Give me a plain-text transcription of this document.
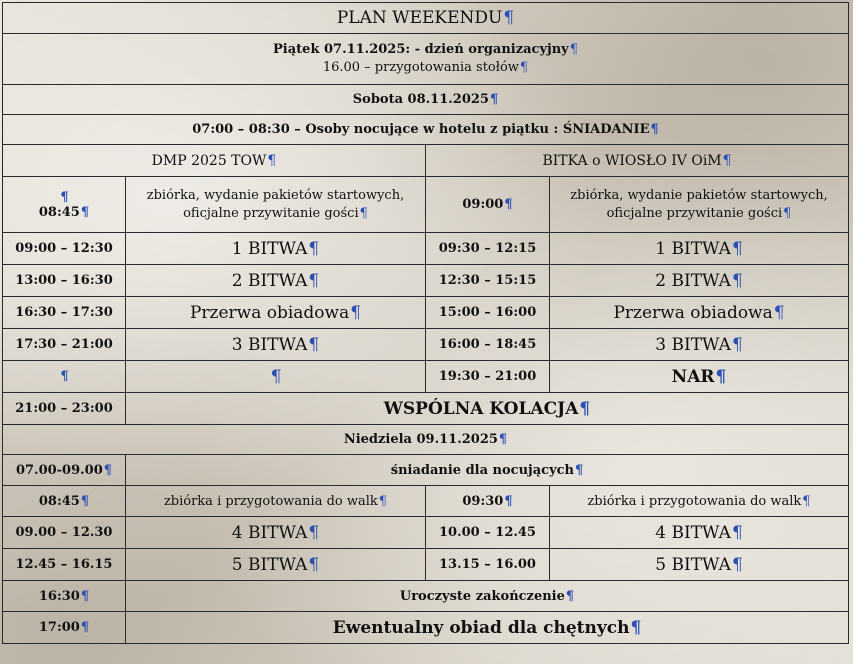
PLAN WEEKENDU¶			

Piątek 07.11.2025: - dzień organizacyjny¶
16.00 – przygotowania stołów¶			

Sobota 08.11.2025¶			
07:00 – 08:30 – Osoby nocujące w hotelu z piątku : ŚNIADANIE¶			
DMP 2025 TOW¶		BITKA o WIOSŁO IV OiM¶	

¶
08:45¶	zbiórka, wydanie pakietów startowych, oficjalne przywitanie gości¶	09:00¶	zbiórka, wydanie pakietów startowych, oficjalne przywitanie gości¶
09:00 – 12:30	1 BITWA¶	09:30 – 12:15	1 BITWA¶
13:00 – 16:30	2 BITWA¶	12:30 – 15:15	2 BITWA¶
16:30 – 17:30	Przerwa obiadowa¶	15:00 – 16:00	Przerwa obiadowa¶
17:30 – 21:00	3 BITWA¶	16:00 – 18:45	3 BITWA¶
¶	¶	19:30 – 21:00	NAR¶
21:00 – 23:00	WSPÓLNA KOLACJA¶		
Niedziela 09.11.2025¶			
07.00-09.00¶	śniadanie dla nocujących¶		
08:45¶	zbiórka i przygotowania do walk¶	09:30¶	zbiórka i przygotowania do walk¶
09.00 – 12.30	4 BITWA¶	10.00 – 12.45	4 BITWA¶
12.45 – 16.15	5 BITWA¶	13.15 – 16.00	5 BITWA¶
16:30¶	Uroczyste zakończenie¶		
17:00¶	Ewentualny obiad dla chętnych¶		
